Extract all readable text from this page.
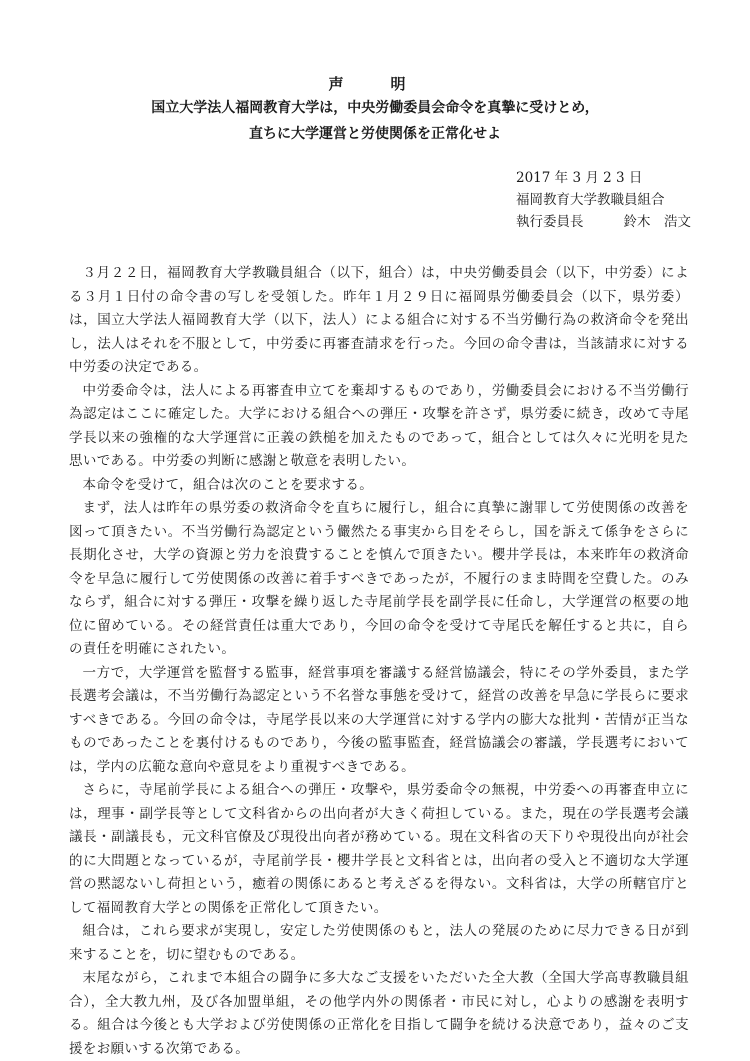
声　明
国立大学法人福岡教育大学は，中央労働委員会命令を真摯に受けとめ，
直ちに大学運営と労使関係を正常化せよ
2017 年 3 月 2 3 日
福岡教育大学教職員組合
執行委員長	鈴木　浩文

３月２２日，福岡教育大学教職員組合（以下，組合）は，中央労働委員会（以下，中労委）による３月１日付の命令書の写しを受領した。昨年１月２９日に福岡県労働委員会（以下，県労委）は，国立大学法人福岡教育大学（以下，法人）による組合に対する不当労働行為の救済命令を発出し，法人はそれを不服として，中労委に再審査請求を行った。今回の命令書は，当該請求に対する中労委の決定である。

中労委命令は，法人による再審査申立てを棄却するものであり，労働委員会における不当労働行為認定はここに確定した。大学における組合への弾圧・攻撃を許さず，県労委に続き，改めて寺尾学長以来の強権的な大学運営に正義の鉄槌を加えたものであって，組合としては久々に光明を見た思いである。中労委の判断に感謝と敬意を表明したい。

本命令を受けて，組合は次のことを要求する。

まず，法人は昨年の県労委の救済命令を直ちに履行し，組合に真摯に謝罪して労使関係の改善を図って頂きたい。不当労働行為認定という儼然たる事実から目をそらし，国を訴えて係争をさらに長期化させ，大学の資源と労力を浪費することを慎んで頂きたい。櫻井学長は，本来昨年の救済命令を早急に履行して労使関係の改善に着手すべきであったが，不履行のまま時間を空費した。のみならず，組合に対する弾圧・攻撃を繰り返した寺尾前学長を副学長に任命し，大学運営の枢要の地位に留めている。その経営責任は重大であり，今回の命令を受けて寺尾氏を解任すると共に，自らの責任を明確にされたい。

一方で，大学運営を監督する監事，経営事項を審議する経営協議会，特にその学外委員，また学長選考会議は，不当労働行為認定という不名誉な事態を受けて，経営の改善を早急に学長らに要求すべきである。今回の命令は，寺尾学長以来の大学運営に対する学内の膨大な批判・苦情が正当なものであったことを裏付けるものであり，今後の監事監査，経営協議会の審議，学長選考においては，学内の広範な意向や意見をより重視すべきである。

さらに，寺尾前学長による組合への弾圧・攻撃や，県労委命令の無視，中労委への再審査申立には，理事・副学長等として文科省からの出向者が大きく荷担している。また，現在の学長選考会議議長・副議長も，元文科官僚及び現役出向者が務めている。現在文科省の天下りや現役出向が社会的に大問題となっているが，寺尾前学長・櫻井学長と文科省とは，出向者の受入と不適切な大学運営の黙認ないし荷担という，癒着の関係にあると考えざるを得ない。文科省は，大学の所轄官庁として福岡教育大学との関係を正常化して頂きたい。

組合は，これら要求が実現し，安定した労使関係のもと，法人の発展のために尽力できる日が到来することを，切に望むものである。

末尾ながら，これまで本組合の闘争に多大なご支援をいただいた全大教（全国大学高専教職員組合），全大教九州，及び各加盟単組，その他学内外の関係者・市民に対し，心よりの感謝を表明する。組合は今後とも大学および労使関係の正常化を目指して闘争を続ける決意であり，益々のご支援をお願いする次第である。
